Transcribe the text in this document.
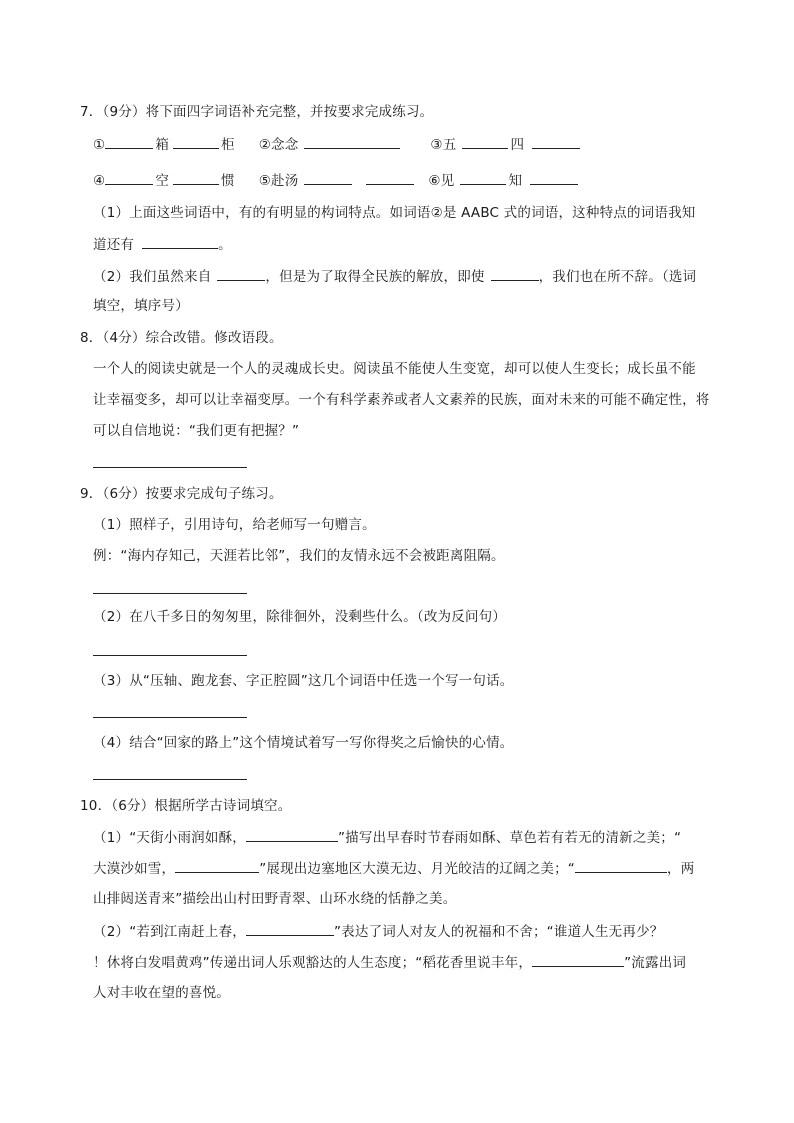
7．（9分）将下面四字词语补充完整，并按要求完成练习。
①	箱	柜 ②念念	③五	四
④	空	惯 ⑤赴汤	⑥见	知
（1）上面这些词语中，有的有明显的构词特点。如词语②是 AABC 式的词语，这种特点的词语我知
道还有	。
（2）我们虽然来自	，但是为了取得全民族的解放，即使	，我们也在所不辞。（选词
填空，填序号）
8．（4分）综合改错。修改语段。
一个人的阅读史就是一个人的灵魂成长史。阅读虽不能使人生变宽，却可以使人生变长；成长虽不能
让幸福变多，却可以让幸福变厚。一个有科学素养或者人文素养的民族，面对未来的可能不确定性，将
可以自信地说：“我们更有把握？”
9．（6分）按要求完成句子练习。
（1）照样子，引用诗句，给老师写一句赠言。
例：“海内存知己，天涯若比邻”，我们的友情永远不会被距离阻隔。
（2）在八千多日的匆匆里，除徘徊外，没剩些什么。（改为反问句）
（3）从“压轴、跑龙套、字正腔圆”这几个词语中任选一个写一句话。
（4）结合“回家的路上”这个情境试着写一写你得奖之后愉快的心情。
10．（6分）根据所学古诗词填空。
（1）“天街小雨润如酥，	”描写出早春时节春雨如酥、草色若有若无的清新之美；“
大漠沙如雪，	”展现出边塞地区大漠无边、月光皎洁的辽阔之美；“	，两
山排闼送青来”描绘出山村田野青翠、山环水绕的恬静之美。
（2）“若到江南赶上春，	”表达了词人对友人的祝福和不舍；“谁道人生无再少？
！休将白发唱黄鸡”传递出词人乐观豁达的人生态度；“稻花香里说丰年，	”流露出词
人对丰收在望的喜悦。
